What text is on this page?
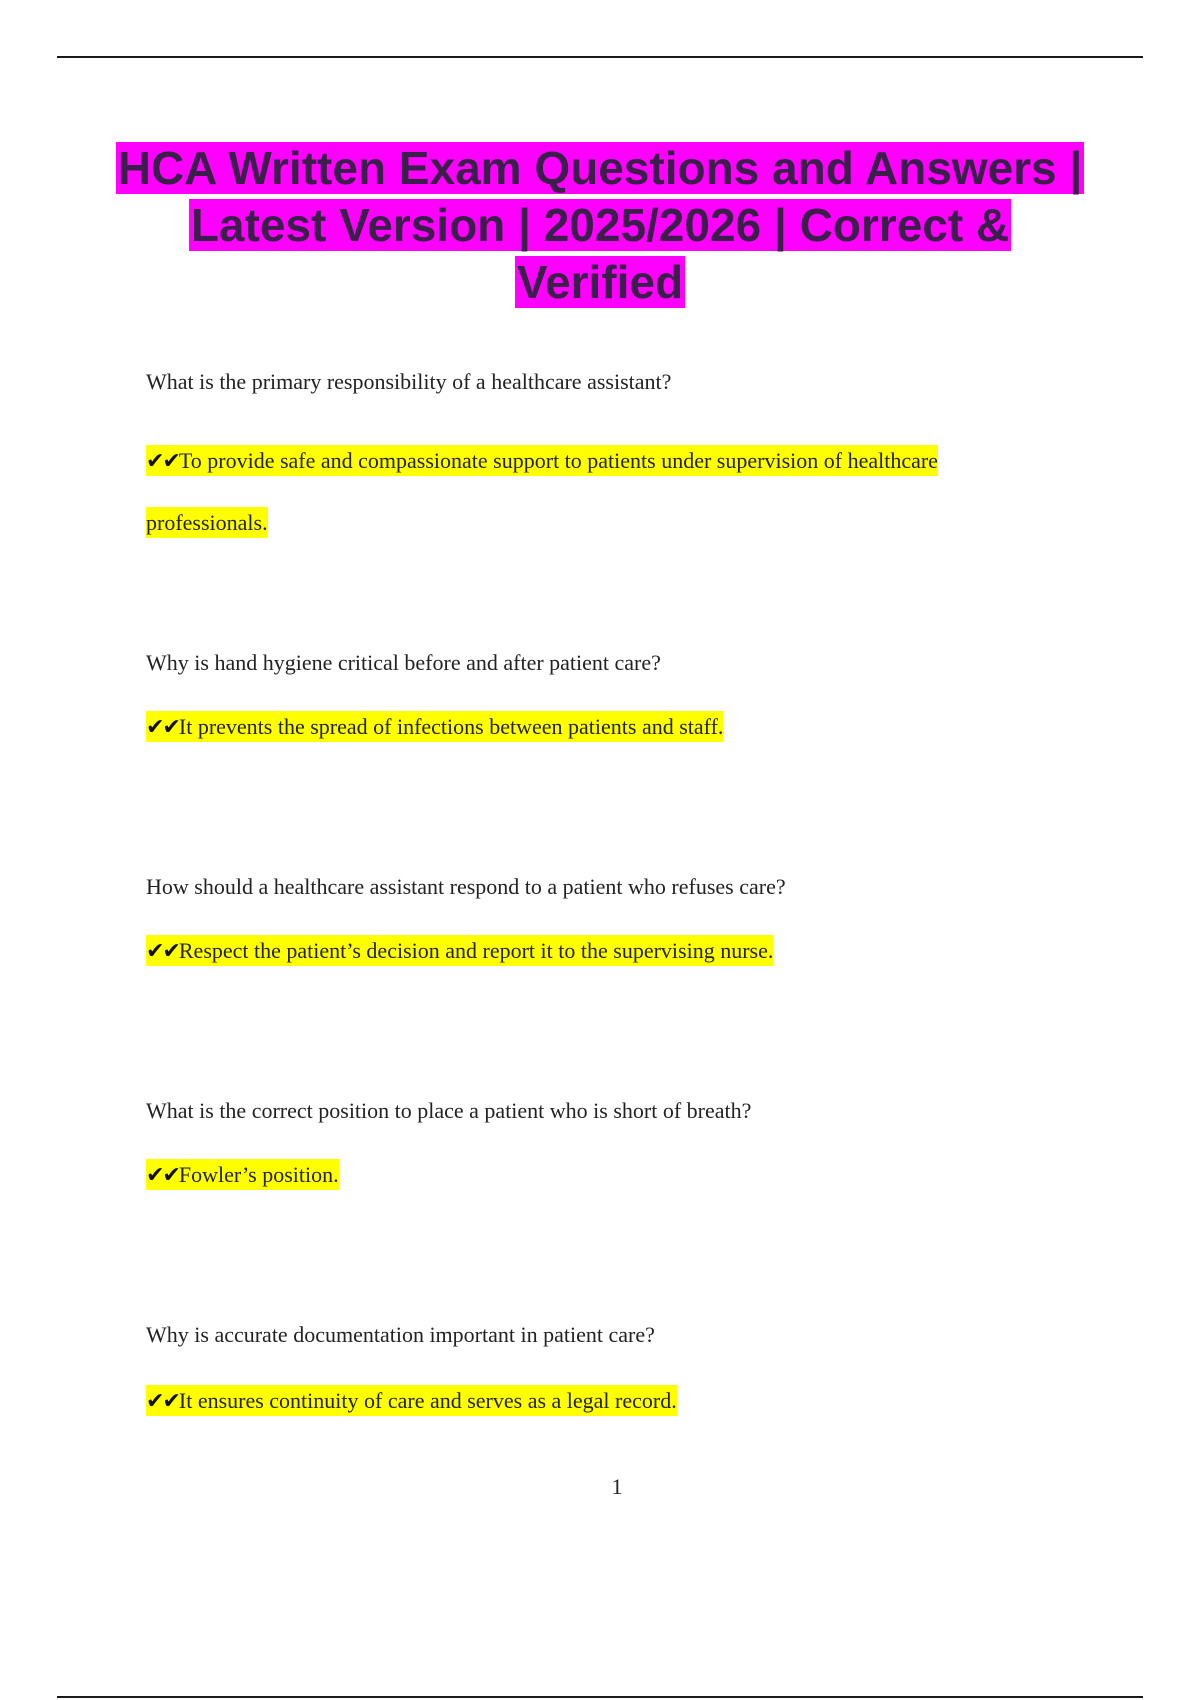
HCA Written Exam Questions and Answers | Latest Version | 2025/2026 | Correct & Verified

What is the primary responsibility of a healthcare assistant?

✔✔To provide safe and compassionate support to patients under supervision of healthcare professionals.

Why is hand hygiene critical before and after patient care?

✔✔It prevents the spread of infections between patients and staff.

How should a healthcare assistant respond to a patient who refuses care?

✔✔Respect the patient’s decision and report it to the supervising nurse.

What is the correct position to place a patient who is short of breath?

✔✔Fowler’s position.

Why is accurate documentation important in patient care?

✔✔It ensures continuity of care and serves as a legal record.

1
